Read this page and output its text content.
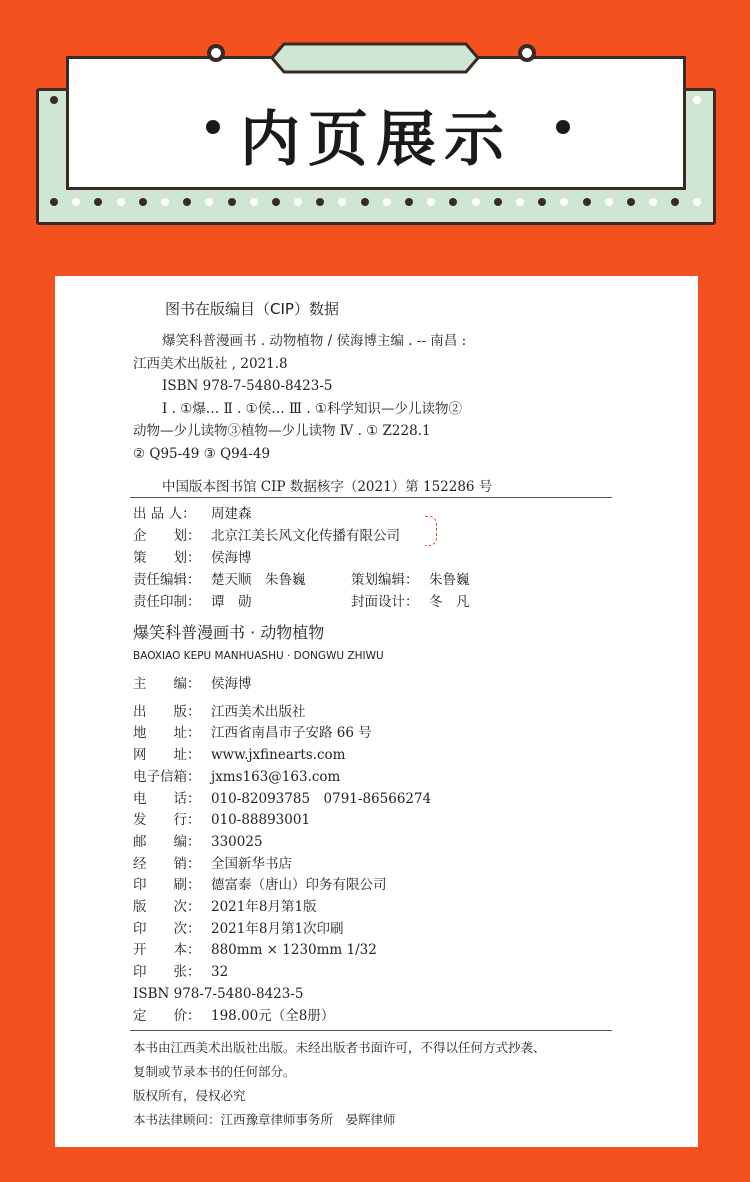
内页展示
图书在版编目（CIP）数据
爆笑科普漫画书 . 动物植物 / 侯海博主编 . -- 南昌 :
江西美术出版社 , 2021.8
ISBN 978-7-5480-8423-5
Ⅰ . ①爆… Ⅱ . ①侯… Ⅲ . ①科学知识—少儿读物②
动物—少儿读物③植物—少儿读物 Ⅳ . ① Z228.1
② Q95-49 ③ Q94-49
中国版本图书馆 CIP 数据核字（2021）第 152286 号
出 品 人：	周建森
企　　划： 北京江美长风文化传播有限公司
策　　划： 侯海博
责任编辑： 楚天顺　朱鲁巍	策划编辑： 朱鲁巍
责任印制： 谭　勋	封面设计： 冬　凡
爆笑科普漫画书 · 动物植物
BAOXIAO KEPU MANHUASHU · DONGWU ZHIWU
主　　编： 侯海博
出　　版： 江西美术出版社
地　　址： 江西省南昌市子安路 66 号
网　　址： www.jxfinearts.com
电子信箱： jxms163@163.com
电　　话： 010-82093785　0791-86566274
发　　行： 010-88893001
邮　　编： 330025
经　　销： 全国新华书店
印　　刷： 德富泰（唐山）印务有限公司
版　　次： 2021年8月第1版
印　　次： 2021年8月第1次印刷
开　　本： 880mm × 1230mm 1/32
印　　张： 32
ISBN 978-7-5480-8423-5
定　　价： 198.00元（全8册）
本书由江西美术出版社出版。未经出版者书面许可，不得以任何方式抄袭、
复制或节录本书的任何部分。
版权所有，侵权必究
本书法律顾问：江西豫章律师事务所　晏辉律师
